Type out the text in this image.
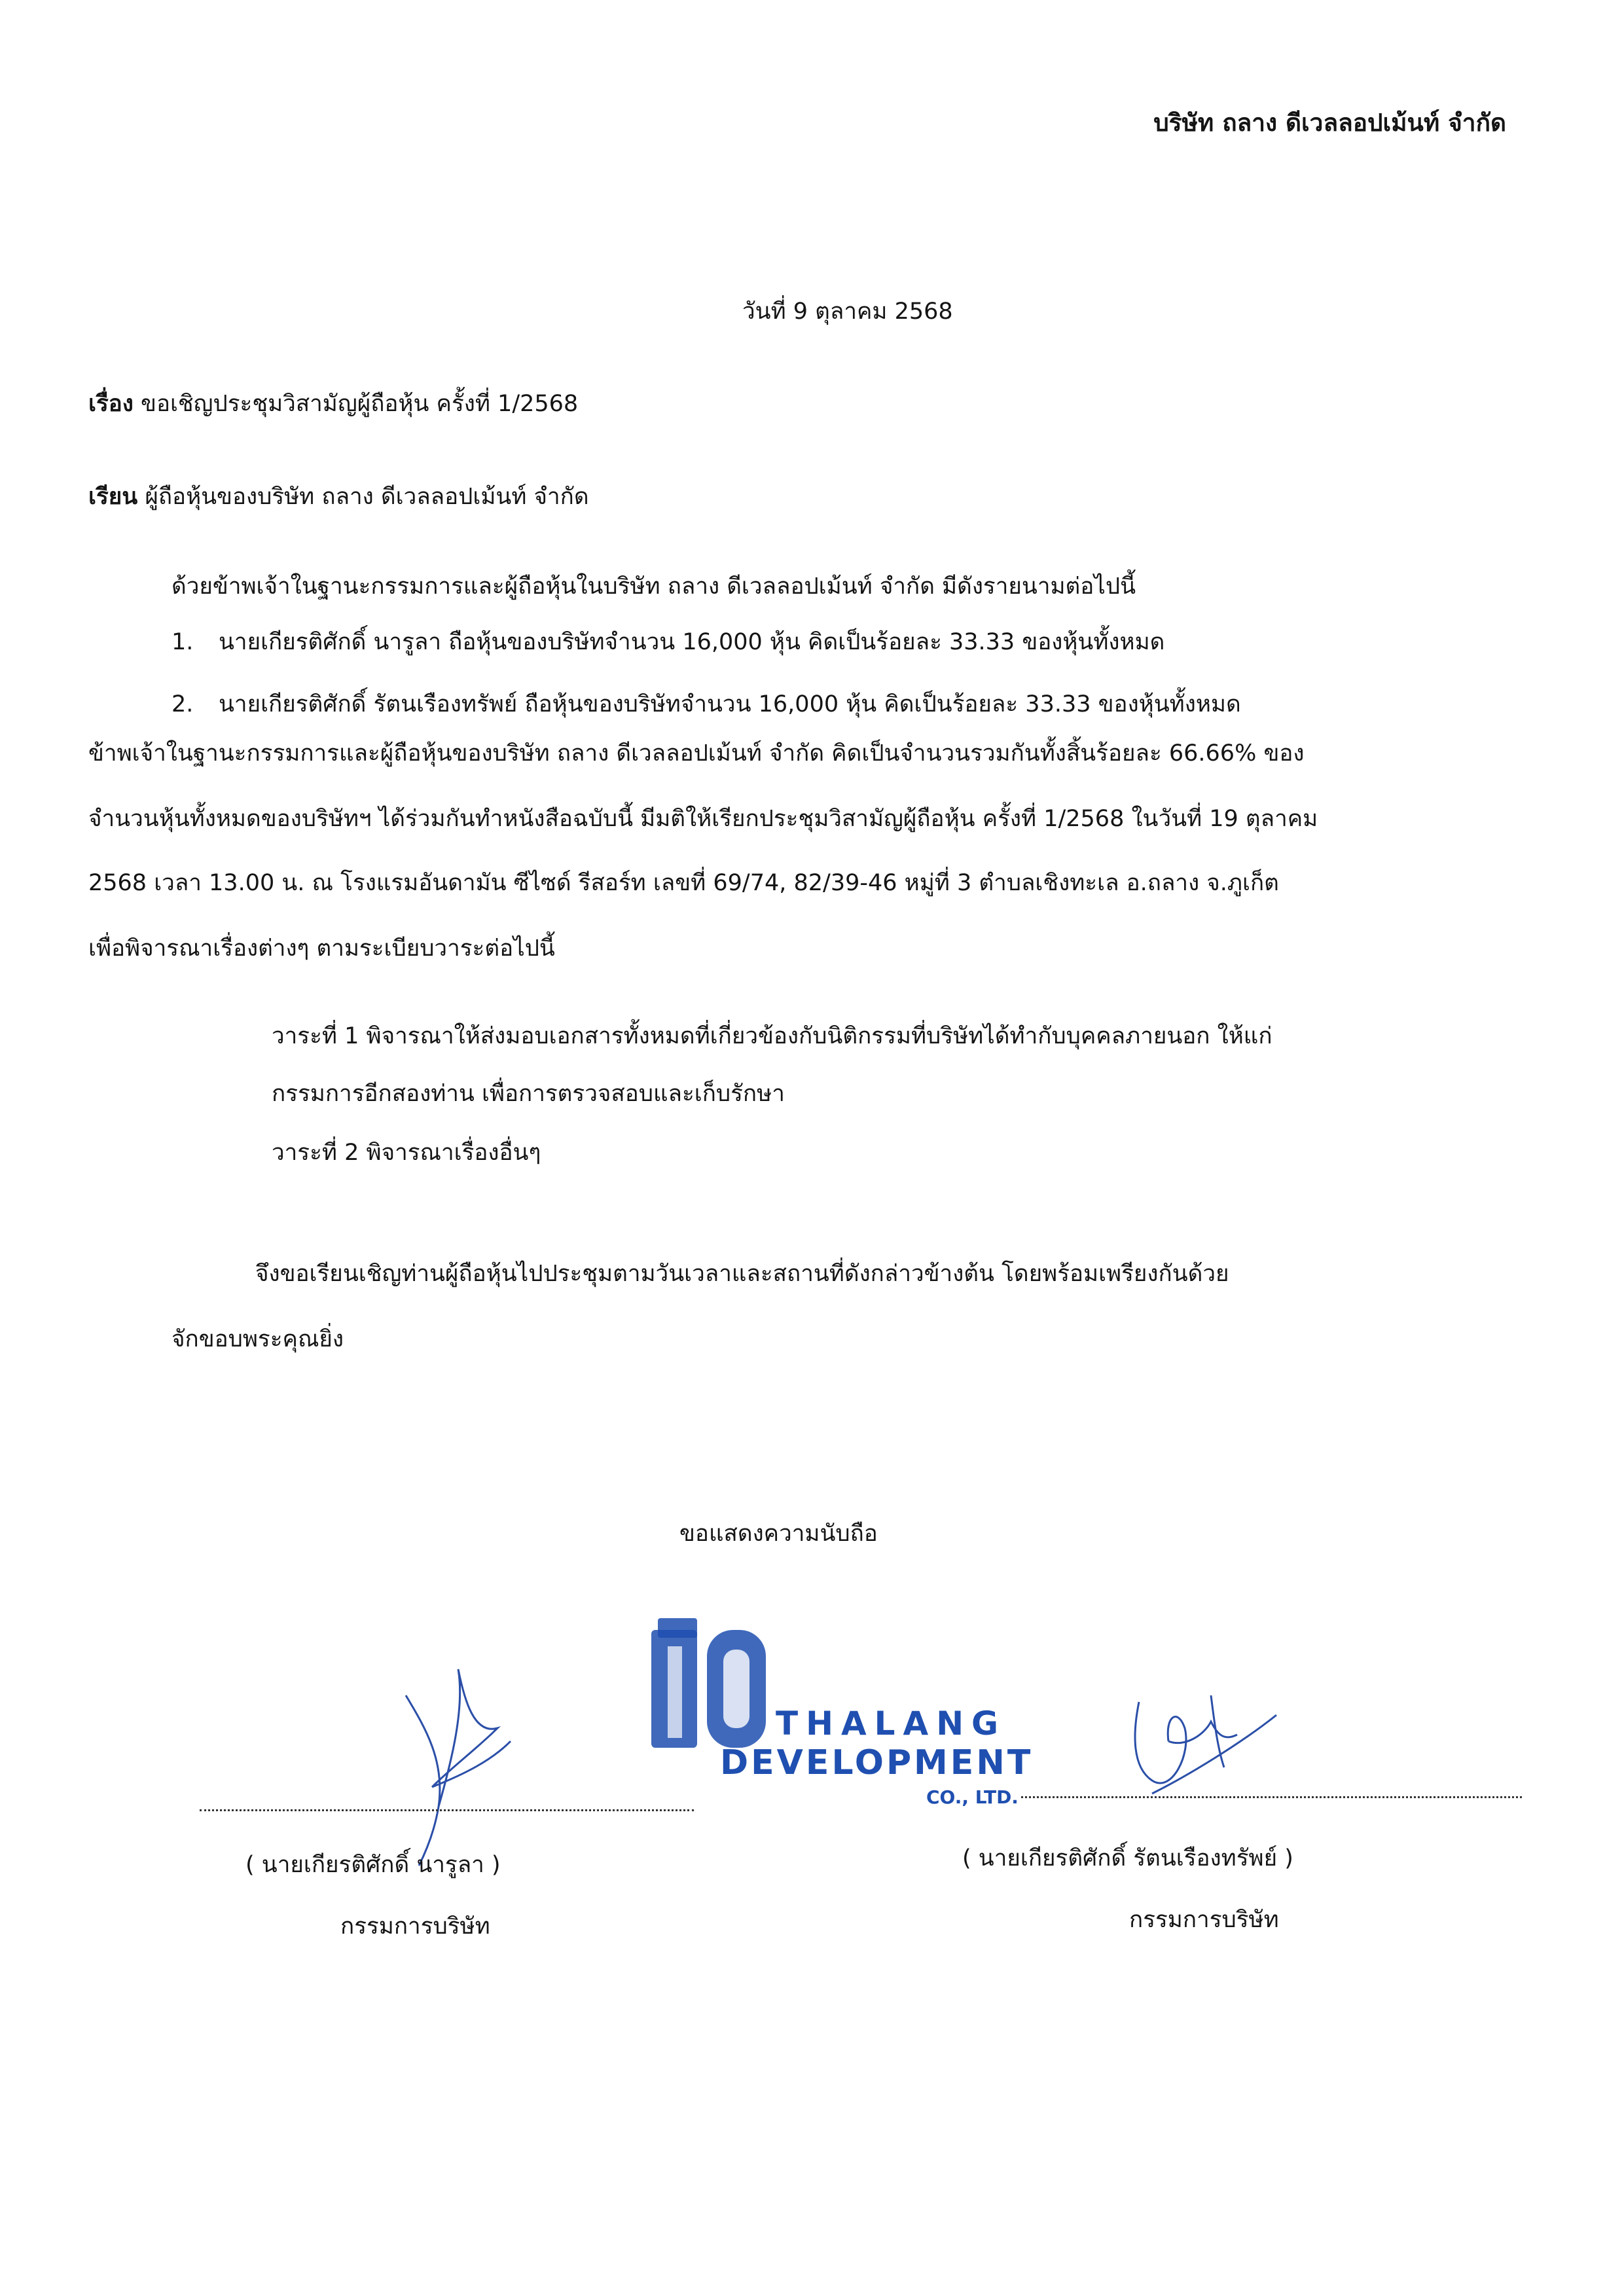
บริษัท ถลาง ดีเวลลอปเม้นท์ จำกัด
วันที่ 9 ตุลาคม 2568
เรื่อง ขอเชิญประชุมวิสามัญผู้ถือหุ้น ครั้งที่ 1/2568
เรียน ผู้ถือหุ้นของบริษัท ถลาง ดีเวลลอปเม้นท์ จำกัด
ด้วยข้าพเจ้าในฐานะกรรมการและผู้ถือหุ้นในบริษัท ถลาง ดีเวลลอปเม้นท์ จำกัด มีดังรายนามต่อไปนี้
1. นายเกียรติศักดิ์ นารูลา ถือหุ้นของบริษัทจำนวน 16,000 หุ้น คิดเป็นร้อยละ 33.33 ของหุ้นทั้งหมด
2. นายเกียรติศักดิ์ รัตนเรืองทรัพย์ ถือหุ้นของบริษัทจำนวน 16,000 หุ้น คิดเป็นร้อยละ 33.33 ของหุ้นทั้งหมด
ข้าพเจ้าในฐานะกรรมการและผู้ถือหุ้นของบริษัท ถลาง ดีเวลลอปเม้นท์ จำกัด คิดเป็นจำนวนรวมกันทั้งสิ้นร้อยละ 66.66% ของ
จำนวนหุ้นทั้งหมดของบริษัทฯ ได้ร่วมกันทำหนังสือฉบับนี้ มีมติให้เรียกประชุมวิสามัญผู้ถือหุ้น ครั้งที่ 1/2568 ในวันที่ 19 ตุลาคม
2568 เวลา 13.00 น. ณ โรงแรมอันดามัน ซีไซด์ รีสอร์ท เลขที่ 69/74, 82/39-46 หมู่ที่ 3 ตำบลเชิงทะเล อ.ถลาง จ.ภูเก็ต
เพื่อพิจารณาเรื่องต่างๆ ตามระเบียบวาระต่อไปนี้
วาระที่ 1 พิจารณาให้ส่งมอบเอกสารทั้งหมดที่เกี่ยวข้องกับนิติกรรมที่บริษัทได้ทำกับบุคคลภายนอก ให้แก่
กรรมการอีกสองท่าน เพื่อการตรวจสอบและเก็บรักษา
วาระที่ 2 พิจารณาเรื่องอื่นๆ
จึงขอเรียนเชิญท่านผู้ถือหุ้นไปประชุมตามวันเวลาและสถานที่ดังกล่าวข้างต้น โดยพร้อมเพรียงกันด้วย
จักขอบพระคุณยิ่ง
ขอแสดงความนับถือ
THALANG
DEVELOPMENT
CO., LTD.
( นายเกียรติศักดิ์ นารูลา )
กรรมการบริษัท
( นายเกียรติศักดิ์ รัตนเรืองทรัพย์ )
กรรมการบริษัท
